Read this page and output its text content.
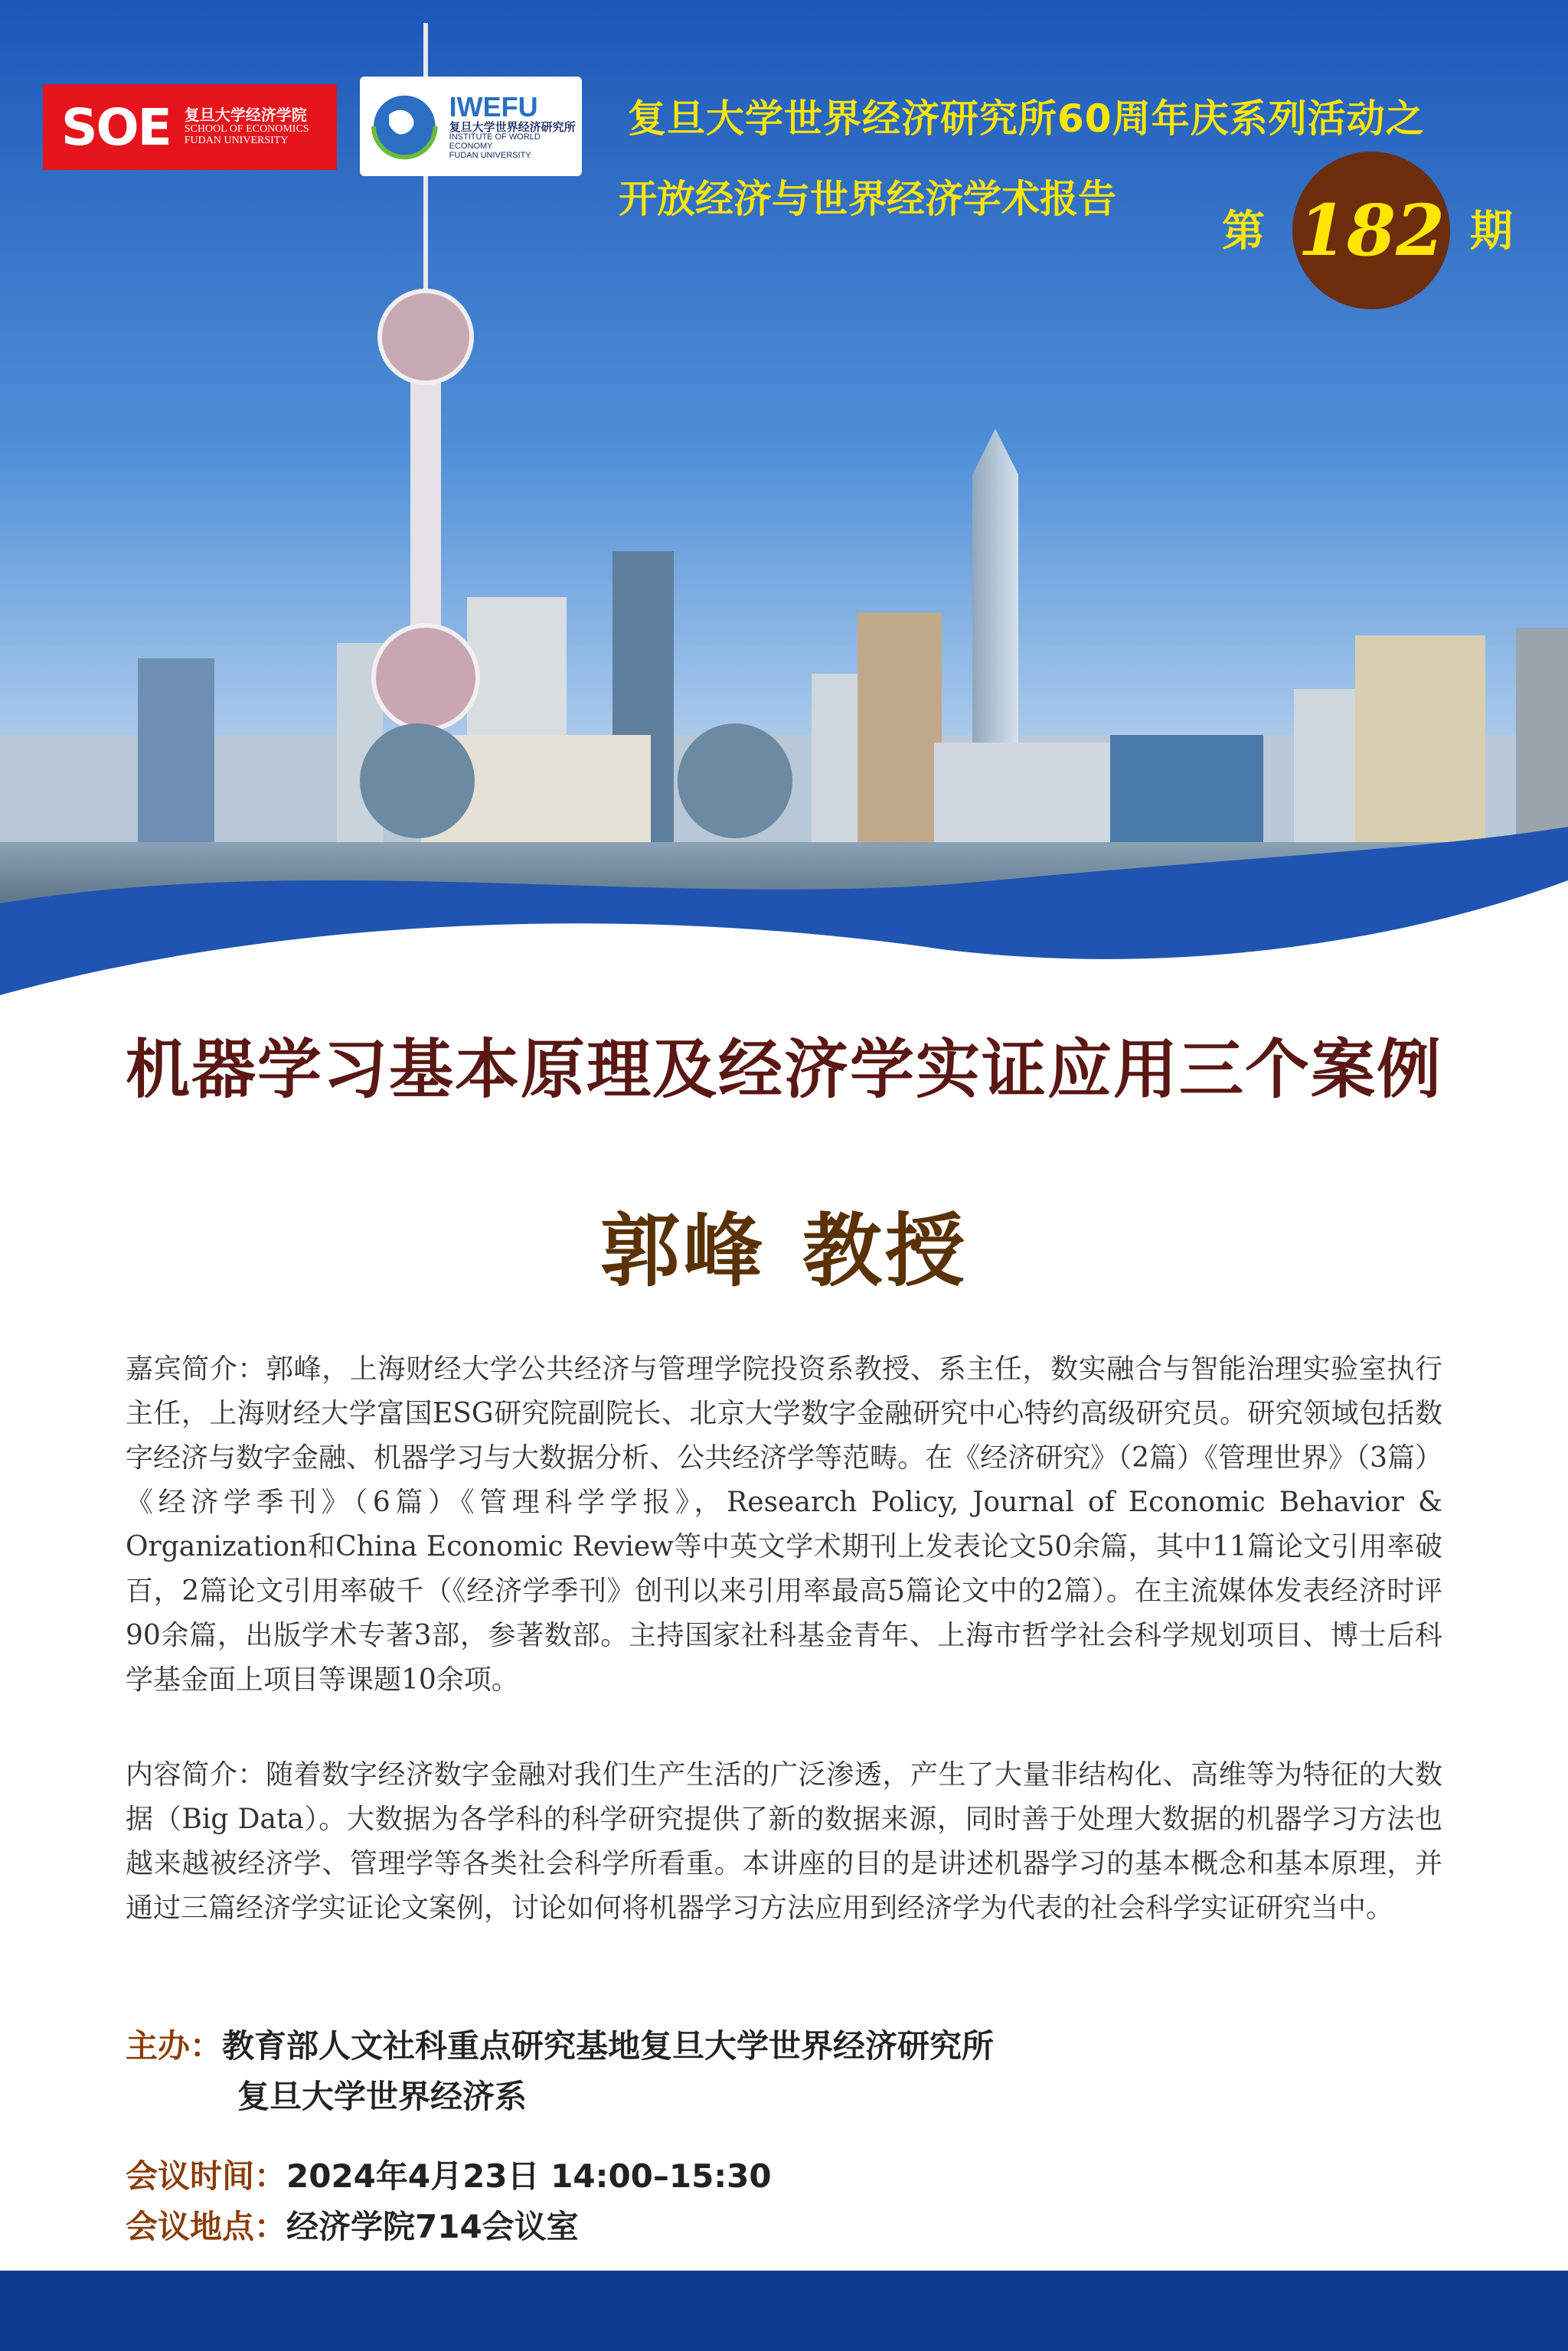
SOE 复旦大学经济学院
SCHOOL OF ECONOMICS
FUDAN UNIVERSITY
IWEFU
复旦大学世界经济研究所
INSTITUTE OF WORLD ECONOMY
FUDAN UNIVERSITY
复旦大学世界经济研究所60周年庆系列活动之
开放经济与世界经济学术报告
第 182 期
机器学习基本原理及经济学实证应用三个案例
郭峰 教授
嘉宾简介：郭峰，上海财经大学公共经济与管理学院投资系教授、系主任，数实融合与智能治理实验室执行主任，上海财经大学富国ESG研究院副院长、北京大学数字金融研究中心特约高级研究员。研究领域包括数字经济与数字金融、机器学习与大数据分析、公共经济学等范畴。在《经济研究》（2篇）《管理世界》（3篇）《经济学季刊》（6篇）《管理科学学报》，Research Policy, Journal of Economic Behavior & Organization和China Economic Review等中英文学术期刊上发表论文50余篇，其中11篇论文引用率破百，2篇论文引用率破千（《经济学季刊》创刊以来引用率最高5篇论文中的2篇）。在主流媒体发表经济时评90余篇，出版学术专著3部，参著数部。主持国家社科基金青年、上海市哲学社会科学规划项目、博士后科学基金面上项目等课题10余项。
内容简介：随着数字经济数字金融对我们生产生活的广泛渗透，产生了大量非结构化、高维等为特征的大数据（Big Data）。大数据为各学科的科学研究提供了新的数据来源，同时善于处理大数据的机器学习方法也越来越被经济学、管理学等各类社会科学所看重。本讲座的目的是讲述机器学习的基本概念和基本原理，并通过三篇经济学实证论文案例，讨论如何将机器学习方法应用到经济学为代表的社会科学实证研究当中。
主办：教育部人文社科重点研究基地复旦大学世界经济研究所
复旦大学世界经济系
会议时间：2024年4月23日 14:00–15:30
会议地点：经济学院714会议室
